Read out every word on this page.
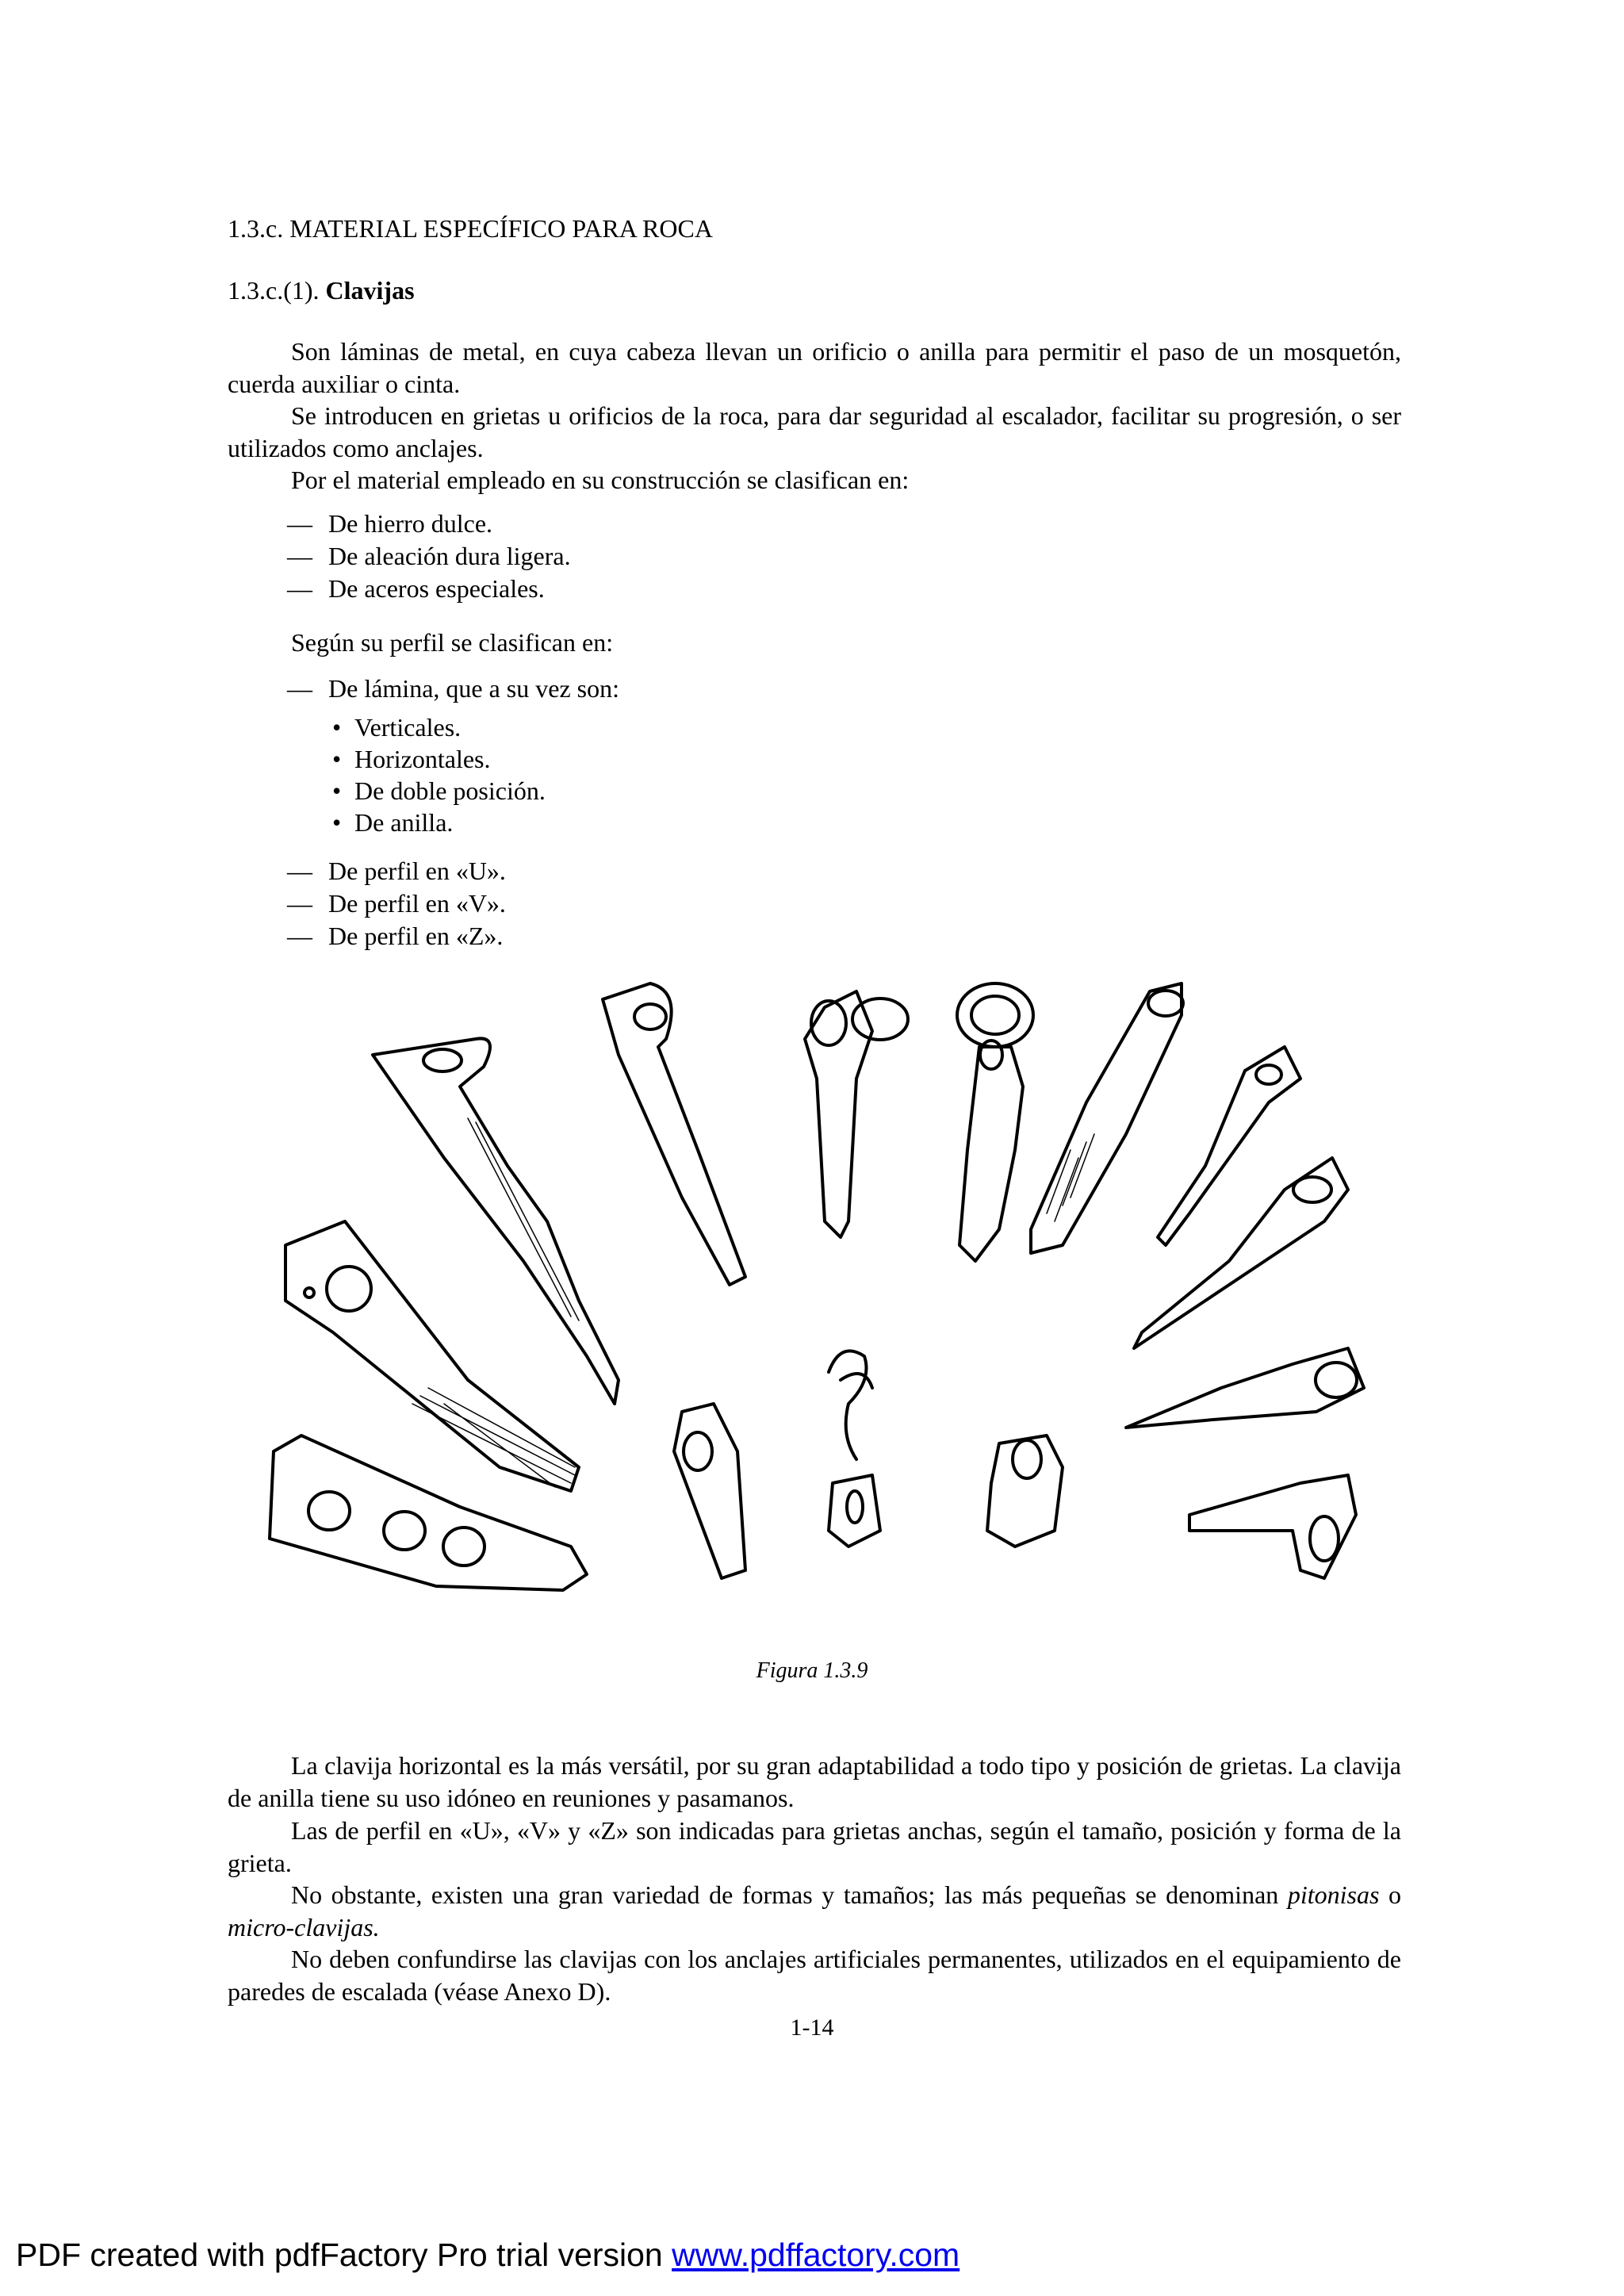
1.3.c. MATERIAL ESPECÍFICO PARA ROCA

1.3.c.(1). Clavijas

Son láminas de metal, en cuya cabeza llevan un orificio o anilla para permitir el paso de un mosquetón, cuerda auxiliar o cinta.

Se introducen en grietas u orificios de la roca, para dar seguridad al escalador, facilitar su progresión, o ser utilizados como anclajes.

Por el material empleado en su construcción se clasifican en:

— De hierro dulce.
— De aleación dura ligera.
— De aceros especiales.

Según su perfil se clasifican en:

— De lámina, que a su vez son:
• Verticales.
• Horizontales.
• De doble posición.
• De anilla.
— De perfil en «U».
— De perfil en «V».
— De perfil en «Z».
Figura 1.3.9

La clavija horizontal es la más versátil, por su gran adaptabilidad a todo tipo y posición de grietas. La clavija de anilla tiene su uso idóneo en reuniones y pasamanos.

Las de perfil en «U», «V» y «Z» son indicadas para grietas anchas, según el tamaño, posición y forma de la grieta.

No obstante, existen una gran variedad de formas y tamaños; las más pequeñas se denominan pitonisas o micro-clavijas.

No deben confundirse las clavijas con los anclajes artificiales permanentes, utilizados en el equipamiento de paredes de escalada (véase Anexo D).

1-14
PDF created with pdfFactory Pro trial version www.pdffactory.com
